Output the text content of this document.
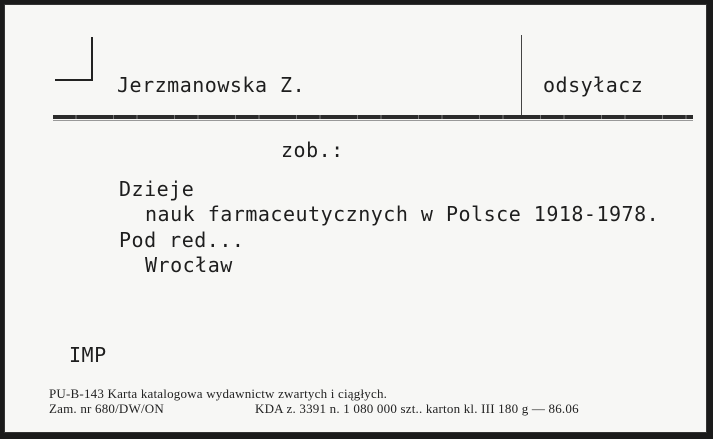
Jerzmanowska Z.	odsyłacz
zob.:
Dzieje
nauk farmaceutycznych w Polsce 1918-1978.
Pod red...
Wrocław
IMP
PU-B-143 Karta katalogowa wydawnictw zwartych i ciągłych.
Zam. nr 680/DW/ON	KDA z. 3391 n. 1 080 000 szt.. karton kl. III 180 g — 86.06
